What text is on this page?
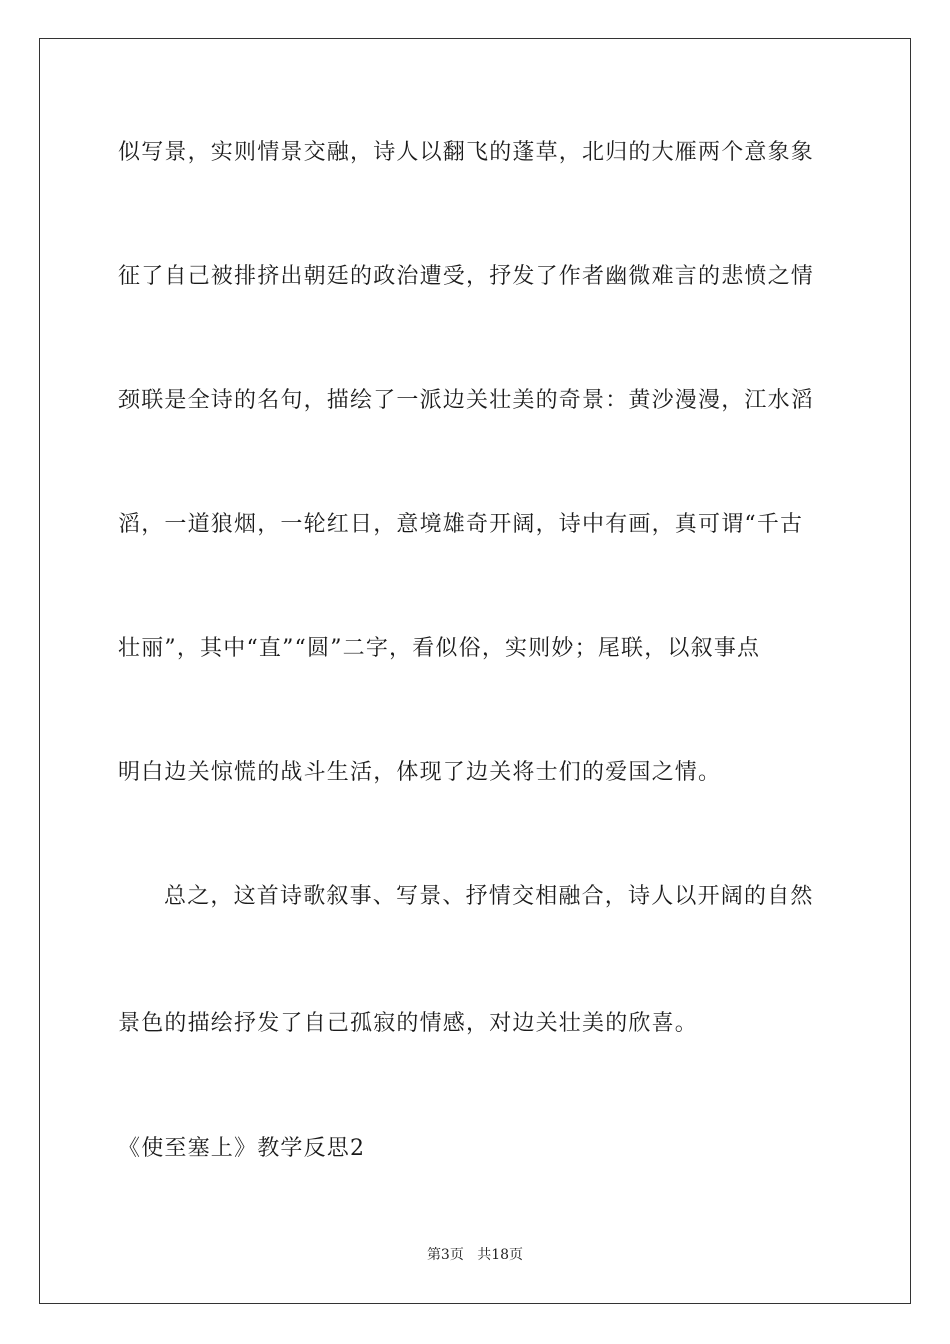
似写景，实则情景交融，诗人以翻飞的蓬草，北归的大雁两个意象象
征了自己被排挤出朝廷的政治遭受，抒发了作者幽微难言的悲愤之情
颈联是全诗的名句，描绘了一派边关壮美的奇景：黄沙漫漫，江水滔
滔，一道狼烟，一轮红日，意境雄奇开阔，诗中有画，真可谓“千古
壮丽”，其中“直”“圆”二字，看似俗，实则妙；尾联，以叙事点
明白边关惊慌的战斗生活，体现了边关将士们的爱国之情。
总之，这首诗歌叙事、写景、抒情交相融合，诗人以开阔的自然
景色的描绘抒发了自己孤寂的情感，对边关壮美的欣喜。
《使至塞上》教学反思2
第3页 共18页
